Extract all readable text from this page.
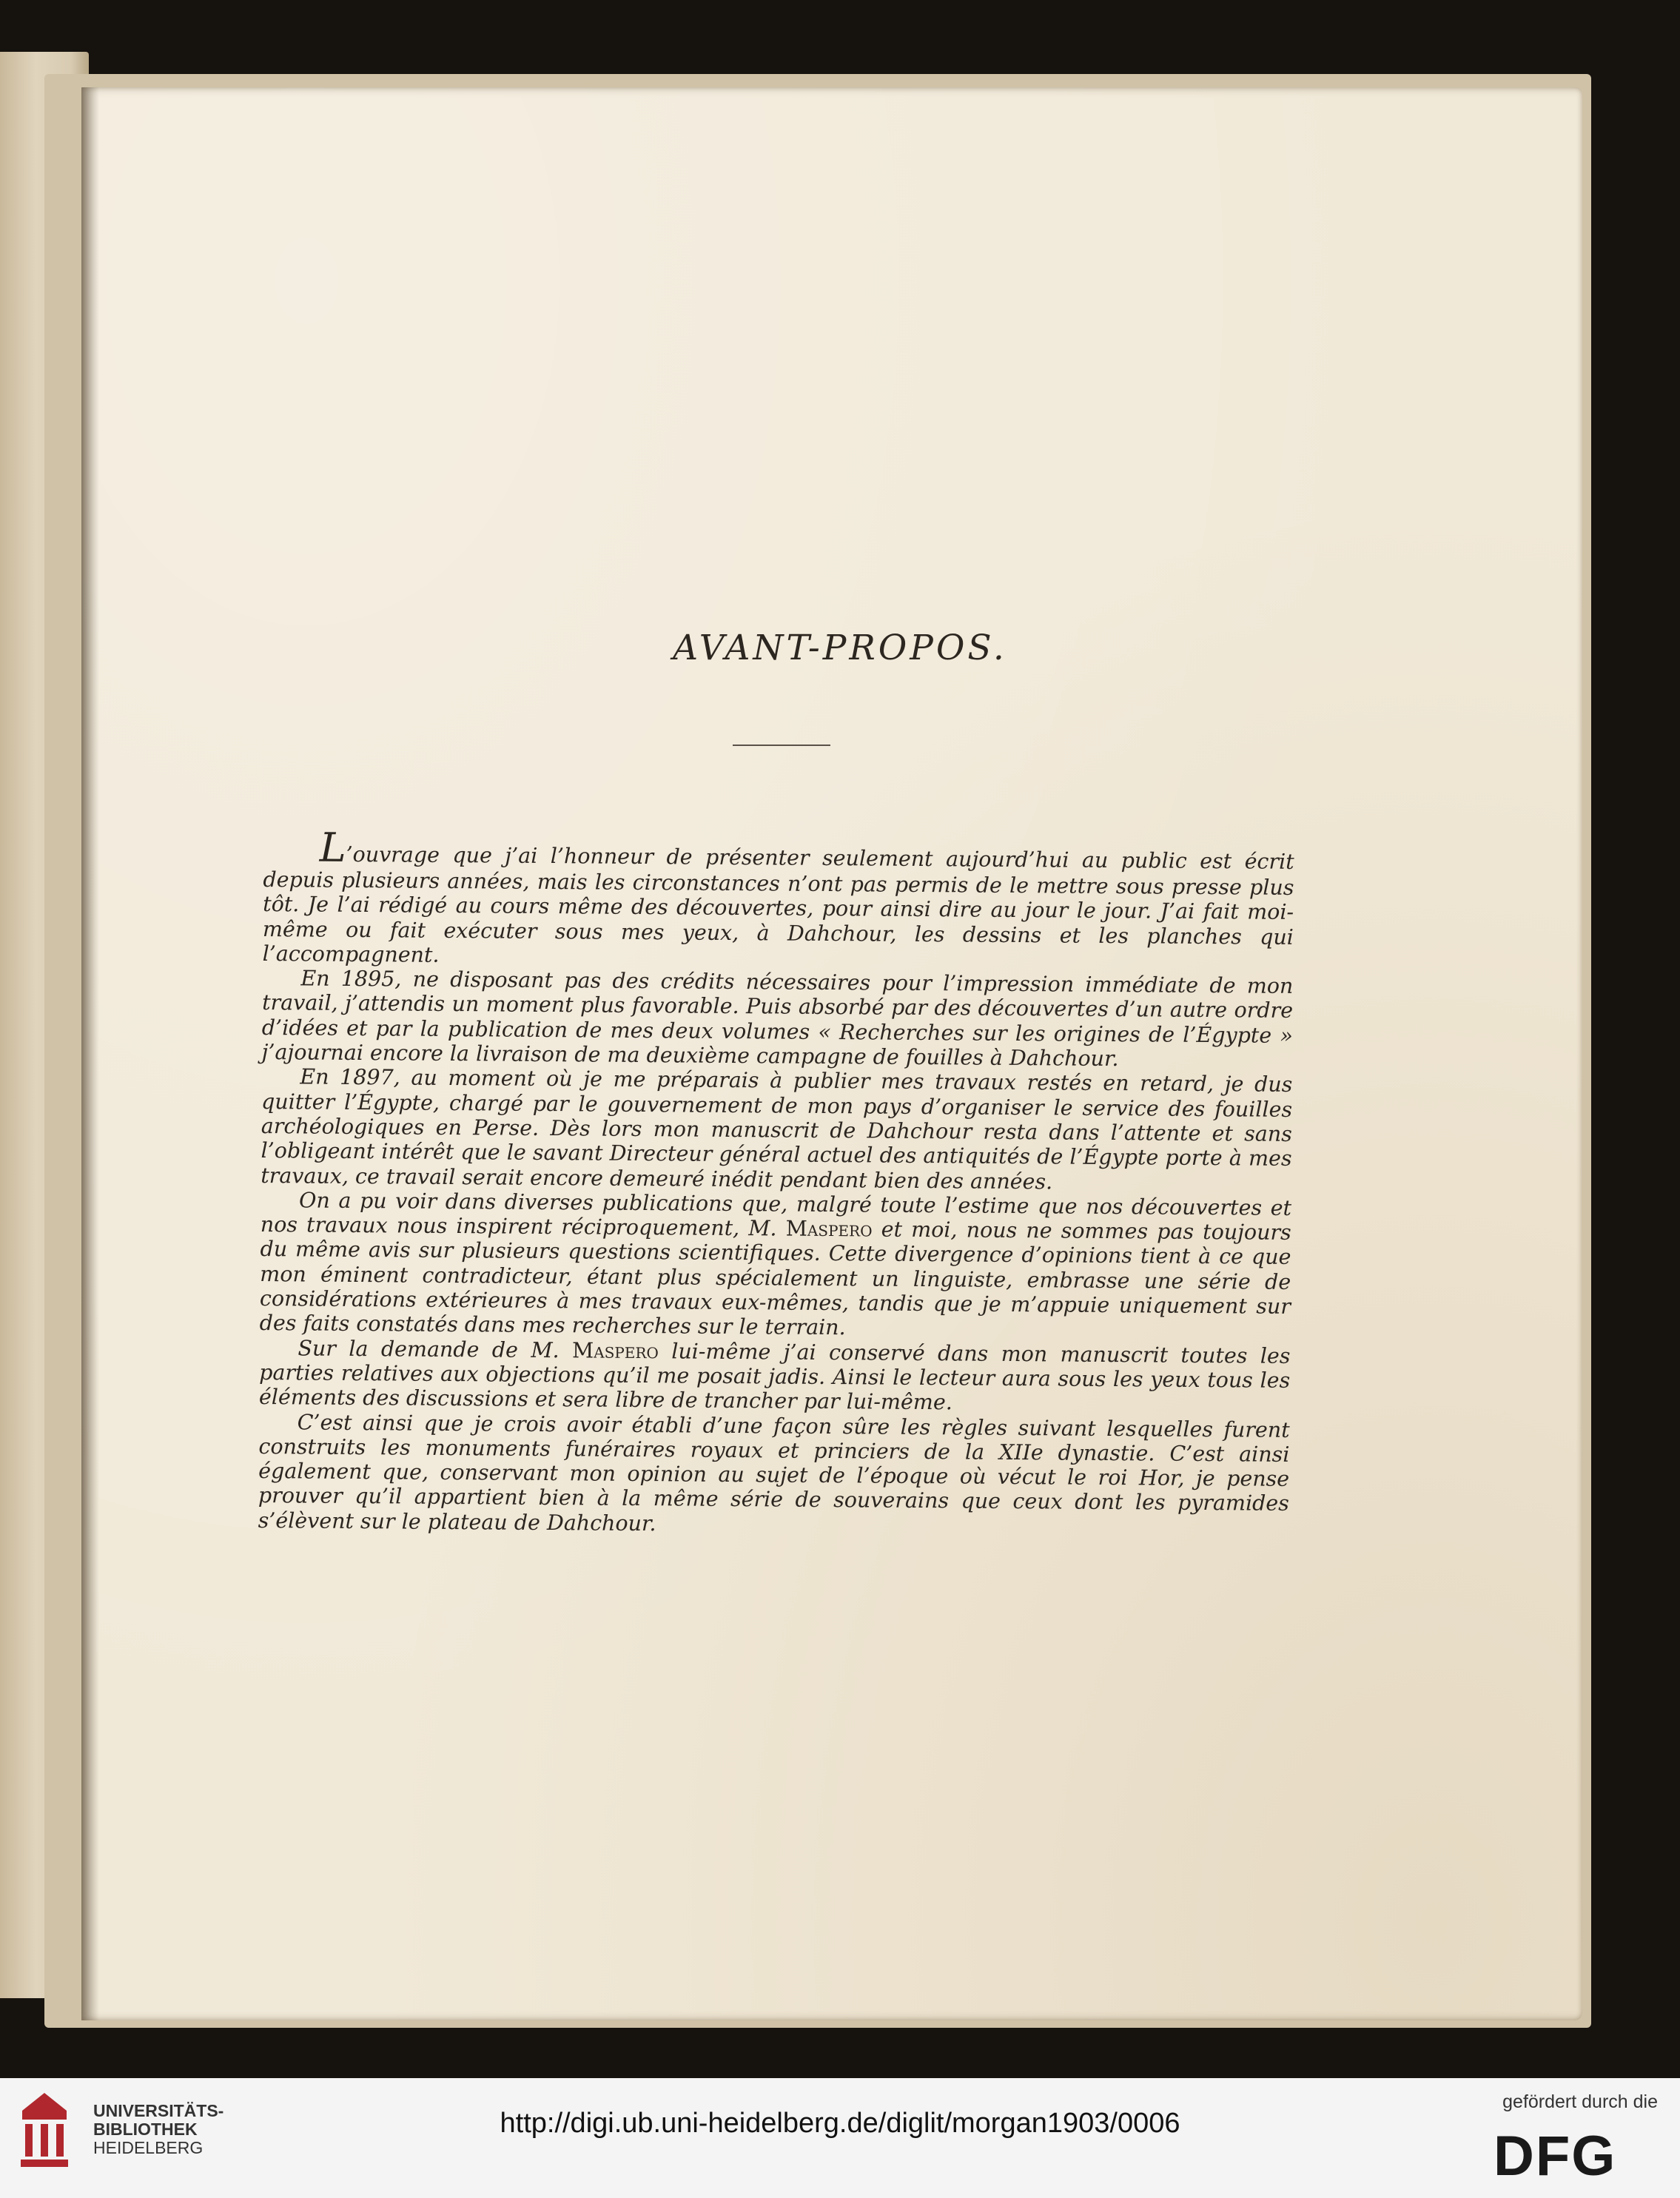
AVANT-PROPOS.

L’ouvrage que j’ai l’honneur de présenter seulement aujourd’hui au public est écrit depuis plusieurs années, mais les circonstances n’ont pas permis de le mettre sous presse plus tôt. Je l’ai rédigé au cours même des découvertes, pour ainsi dire au jour le jour. J’ai fait moi-même ou fait exécuter sous mes yeux, à Dahchour, les dessins et les planches qui l’accompagnent.

En 1895, ne disposant pas des crédits nécessaires pour l’impression immédiate de mon travail, j’attendis un moment plus favorable. Puis absorbé par des découvertes d’un autre ordre d’idées et par la publication de mes deux volumes « Recherches sur les origines de l’Égypte » j’ajournai encore la livraison de ma deuxième campagne de fouilles à Dahchour.

En 1897, au moment où je me préparais à publier mes travaux restés en retard, je dus quitter l’Égypte, chargé par le gouvernement de mon pays d’organiser le service des fouilles archéologiques en Perse. Dès lors mon manuscrit de Dahchour resta dans l’attente et sans l’obligeant intérêt que le savant Directeur général actuel des antiquités de l’Égypte porte à mes travaux, ce travail serait encore demeuré inédit pendant bien des années.

On a pu voir dans diverses publications que, malgré toute l’estime que nos découvertes et nos travaux nous inspirent réciproquement, M. Maspero et moi, nous ne sommes pas toujours du même avis sur plusieurs questions scientifiques. Cette divergence d’opinions tient à ce que mon éminent contradicteur, étant plus spécialement un linguiste, embrasse une série de considérations extérieures à mes travaux eux-mêmes, tandis que je m’appuie uniquement sur des faits constatés dans mes recherches sur le terrain.

Sur la demande de M. Maspero lui-même j’ai conservé dans mon manuscrit toutes les parties relatives aux objections qu’il me posait jadis. Ainsi le lecteur aura sous les yeux tous les éléments des discussions et sera libre de trancher par lui-même.

C’est ainsi que je crois avoir établi d’une façon sûre les règles suivant lesquelles furent construits les monuments funéraires royaux et princiers de la XIIe dynastie. C’est ainsi également que, conservant mon opinion au sujet de l’époque où vécut le roi Hor, je pense prouver qu’il appartient bien à la même série de souverains que ceux dont les pyramides s’élèvent sur le plateau de Dahchour.

UNIVERSITÄTS-
BIBLIOTHEK
HEIDELBERG
http://digi.ub.uni-heidelberg.de/diglit/morgan1903/0006
gefördert durch die
DFG
